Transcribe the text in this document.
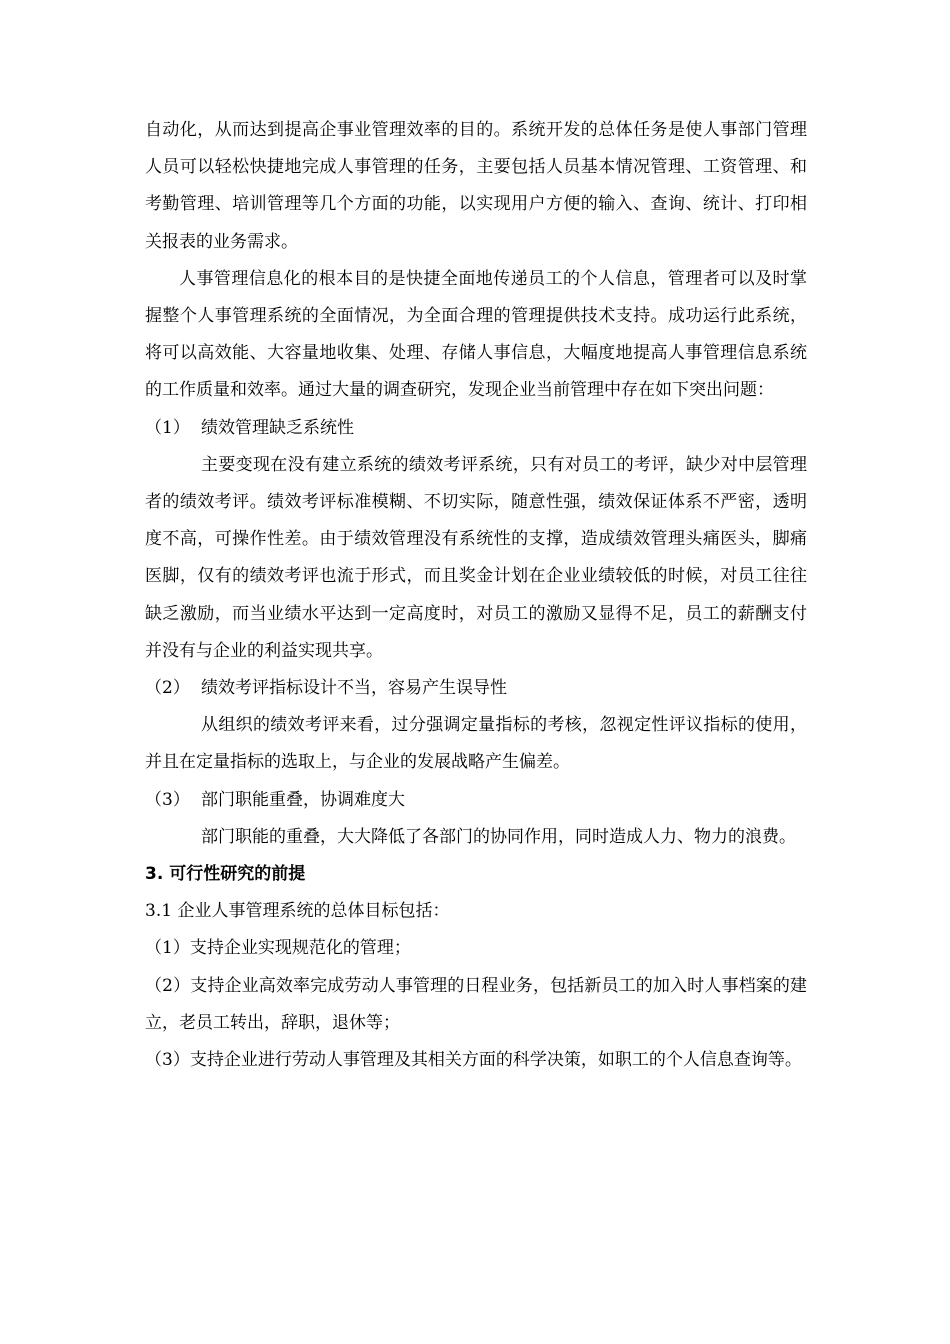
自动化，从而达到提高企事业管理效率的目的。系统开发的总体任务是使人事部门管理人员可以轻松快捷地完成人事管理的任务，主要包括人员基本情况管理、工资管理、和考勤管理、培训管理等几个方面的功能，以实现用户方便的输入、查询、统计、打印相关报表的业务需求。

人事管理信息化的根本目的是快捷全面地传递员工的个人信息，管理者可以及时掌握整个人事管理系统的全面情况，为全面合理的管理提供技术支持。成功运行此系统，将可以高效能、大容量地收集、处理、存储人事信息，大幅度地提高人事管理信息系统的工作质量和效率。通过大量的调查研究，发现企业当前管理中存在如下突出问题：

（1） 绩效管理缺乏系统性

主要变现在没有建立系统的绩效考评系统，只有对员工的考评，缺少对中层管理者的绩效考评。绩效考评标准模糊、不切实际，随意性强，绩效保证体系不严密，透明度不高，可操作性差。由于绩效管理没有系统性的支撑，造成绩效管理头痛医头，脚痛医脚，仅有的绩效考评也流于形式，而且奖金计划在企业业绩较低的时候，对员工往往缺乏激励，而当业绩水平达到一定高度时，对员工的激励又显得不足，员工的薪酬支付并没有与企业的利益实现共享。

（2） 绩效考评指标设计不当，容易产生误导性

从组织的绩效考评来看，过分强调定量指标的考核，忽视定性评议指标的使用，并且在定量指标的选取上，与企业的发展战略产生偏差。

（3） 部门职能重叠，协调难度大

部门职能的重叠，大大降低了各部门的协同作用，同时造成人力、物力的浪费。

3. 可行性研究的前提

3.1 企业人事管理系统的总体目标包括：

（1）支持企业实现规范化的管理；

（2）支持企业高效率完成劳动人事管理的日程业务，包括新员工的加入时人事档案的建立，老员工转出，辞职，退休等；

（3）支持企业进行劳动人事管理及其相关方面的科学决策，如职工的个人信息查询等。
